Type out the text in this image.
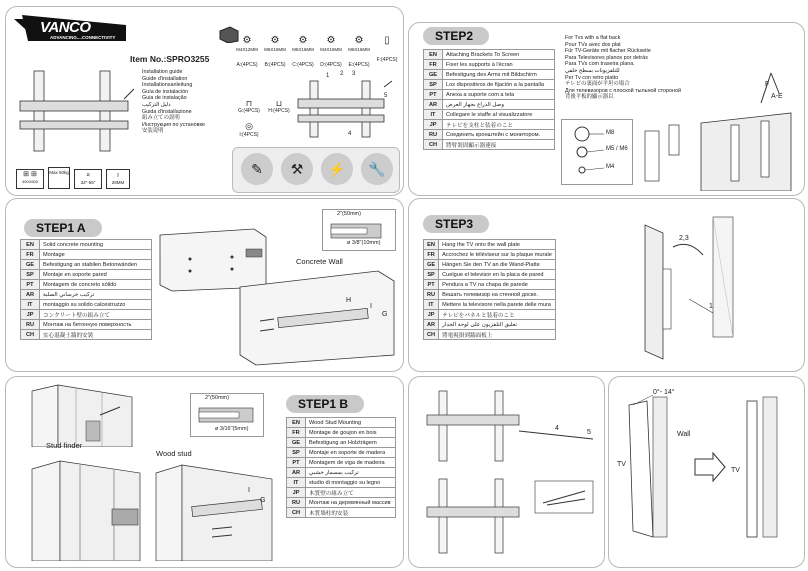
VANCO
ADVANCING....CONNECTIVITY
⊞ ⊞
400X600
Max 50kg	⧄
32"-55"
▯
28MM
Item No.:SPRO3255
Installation guide
Guide d'installation
Installationsanleitung
Guía de instalación
Guia de instalação
دليل التركيب
Guida d'installazione
組み立ての説明
Инструкция по установке
安装说明
⚙
M4X12MM
A:(4PCS)
⚙
M6X16MM
B:(4PCS)
⚙
M5X16MM
C:(4PCS)
⚙
M4X16MM
D:(4PCS)
⚙
M6X16MM
E:(4PCS)
▯
F:(4PCS)
⊓
G:(4PCS)
⊔
H:(4PCS)
◎
I:(4PCS)
1 2 3
4
5
✎	⚒	⚡	🔧
STEP2
EN	Attaching Brackets To Screen
FR	Fixer les supports à l'écran
GE	Befestigung des Arms mit Bildschirm
SP	Los dispositivos de fijación a la pantalla
PT	Anexa a suporte com a tela
AR	وصل الذراع بجهاز العرض
IT	Collegare le staffe al visualizzatore
JP	テレビを支柱と装着のこと
RU	Соединить кронштейн с монитором.
CH	將臂裝固顯示器連接
For Tvs with a flat back
Pour TVs avec dos plat
Für TV-Geräte mit flacher Rückseite
Para Televisores planos por detrás
Para TVs com traseira plana.
للتلفزيونات بسطح خلفي
Per Tv con retro piatto
テレビの裏面が平坦の場合
Для телевизоров с плоской тыльной стороной
背後平板的顯示器以
M8
M5 / M6
M4
F
A-E
STEP1 A
EN	Solid concrete mounting
FR	Montage
GE	Befestigung an stabilen Betonwänden
SP	Montaje en soporte pared
PT	Montagem de concreto sólido
AR	تركيب خرساني الصلبة
IT	montaggio su solido calcestruzzo
JP	コンクリート壁の組み立て
RU	Монтаж на бетонную поверхность
CH	实心混凝土牆的安裝
2"(50mm)
ø 3/8"(10mm)
Concrete Wall
H
I
G
STEP3
EN	Hang the TV onto the wall plate
FR	Accrochez le téléviseur sur la plaque murale
GE	Hängen Sie den TV an die Wand-Platte
SP	Cuelgue el televisor en la placa de pared
PT	Pendura a TV na chapa de parede
RU	Вешать телевизор на стенной доске.
IT	Mettere la televisore nella parete delle mura
JP	テレビをパネルと装着のこと
AR	تعليق التلفزيون على لوحة الجدار
CH	將電視掛到牆面板上
2,3
1
Stud finder
2"(50mm)
ø 3/16"(5mm)
STEP1 B
EN	Wood Stud Mounting
FR	Montage de goujon en bois
GE	Befestigung an Holzträgern
SP	Montaje en soporte de madera
PT	Montagem de viga de madeira
AR	تركيب بمسمار خشبي
IT	studio di montaggio su legno
JP	木質壁の組み立て
RU	Монтаж на деревянный массив
CH	木質墙柱的安装
Wood stud
I
G
4
5
0°- 14°
Wall
TV
TV
